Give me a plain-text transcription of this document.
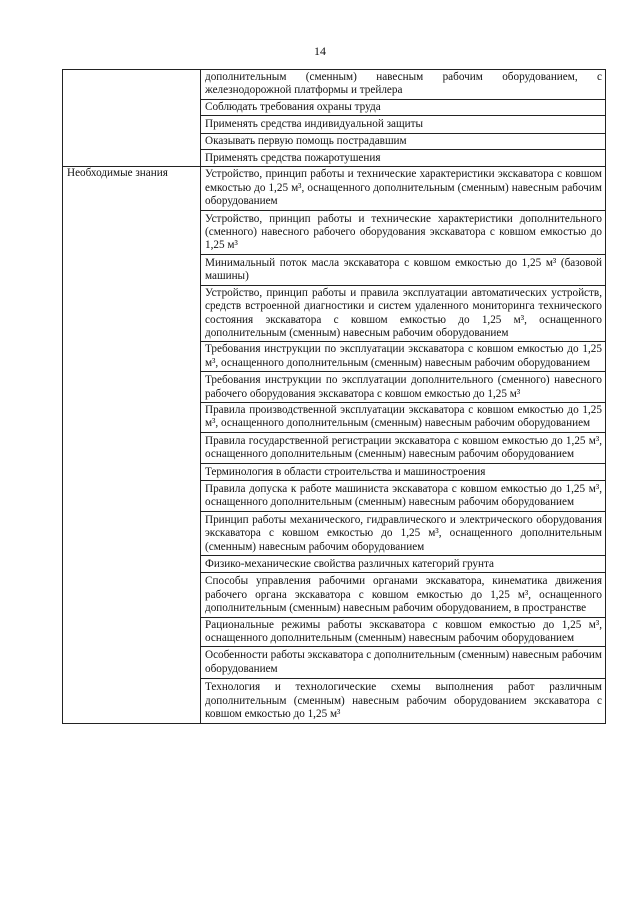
14
	дополнительным (сменным) навесным рабочим оборудованием, с железнодорожной платформы и трейлера
	Соблюдать требования охраны труда
	Применять средства индивидуальной защиты
	Оказывать первую помощь пострадавшим
	Применять средства пожаротушения
Необходимые знания	Устройство, принцип работы и технические характеристики экскаватора с ковшом емкостью до 1,25 м³, оснащенного дополнительным (сменным) навесным рабочим оборудованием
	Устройство, принцип работы и технические характеристики дополнительного (сменного) навесного рабочего оборудования экскаватора с ковшом емкостью до 1,25 м³
	Минимальный поток масла экскаватора с ковшом емкостью до 1,25 м³ (базовой машины)
	Устройство, принцип работы и правила эксплуатации автоматических устройств, средств встроенной диагностики и систем удаленного мониторинга технического состояния экскаватора с ковшом емкостью до 1,25 м³, оснащенного дополнительным (сменным) навесным рабочим оборудованием
	Требования инструкции по эксплуатации экскаватора с ковшом емкостью до 1,25 м³, оснащенного дополнительным (сменным) навесным рабочим оборудованием
	Требования инструкции по эксплуатации дополнительного (сменного) навесного рабочего оборудования экскаватора с ковшом емкостью до 1,25 м³
	Правила производственной эксплуатации экскаватора с ковшом емкостью до 1,25 м³, оснащенного дополнительным (сменным) навесным рабочим оборудованием
	Правила государственной регистрации экскаватора с ковшом емкостью до 1,25 м³, оснащенного дополнительным (сменным) навесным рабочим оборудованием
	Терминология в области строительства и машиностроения
	Правила допуска к работе машиниста экскаватора с ковшом емкостью до 1,25 м³, оснащенного дополнительным (сменным) навесным рабочим оборудованием
	Принцип работы механического, гидравлического и электрического оборудования экскаватора с ковшом емкостью до 1,25 м³, оснащенного дополнительным (сменным) навесным рабочим оборудованием
	Физико-механические свойства различных категорий грунта
	Способы управления рабочими органами экскаватора, кинематика движения рабочего органа экскаватора с ковшом емкостью до 1,25 м³, оснащенного дополнительным (сменным) навесным рабочим оборудованием, в пространстве
	Рациональные режимы работы экскаватора с ковшом емкостью до 1,25 м³, оснащенного дополнительным (сменным) навесным рабочим оборудованием
	Особенности работы экскаватора с дополнительным (сменным) навесным рабочим оборудованием
	Технология и технологические схемы выполнения работ различным дополнительным (сменным) навесным рабочим оборудованием экскаватора с ковшом емкостью до 1,25 м³
